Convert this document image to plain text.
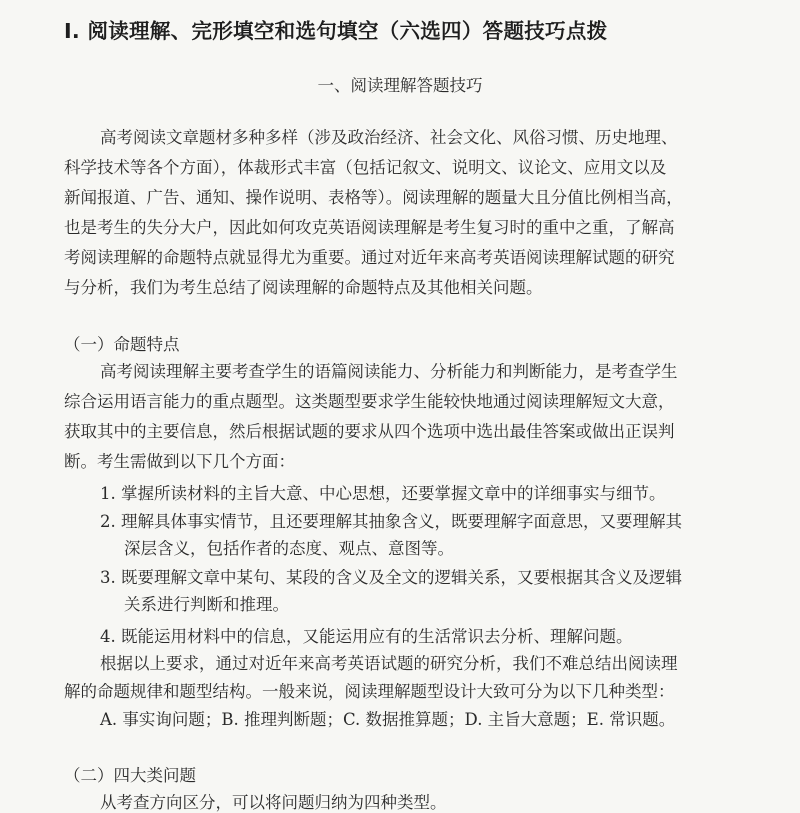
I. 阅读理解、完形填空和选句填空（六选四）答题技巧点拨
一、阅读理解答题技巧
高考阅读文章题材多种多样（涉及政治经济、社会文化、风俗习惯、历史地理、
科学技术等各个方面），体裁形式丰富（包括记叙文、说明文、议论文、应用文以及
新闻报道、广告、通知、操作说明、表格等）。阅读理解的题量大且分值比例相当高，
也是考生的失分大户，因此如何攻克英语阅读理解是考生复习时的重中之重，了解高
考阅读理解的命题特点就显得尤为重要。通过对近年来高考英语阅读理解试题的研究
与分析，我们为考生总结了阅读理解的命题特点及其他相关问题。
（一）命题特点
高考阅读理解主要考查学生的语篇阅读能力、分析能力和判断能力，是考查学生
综合运用语言能力的重点题型。这类题型要求学生能较快地通过阅读理解短文大意，
获取其中的主要信息，然后根据试题的要求从四个选项中选出最佳答案或做出正误判
断。考生需做到以下几个方面：
1. 掌握所读材料的主旨大意、中心思想，还要掌握文章中的详细事实与细节。
2. 理解具体事实情节，且还要理解其抽象含义，既要理解字面意思，又要理解其
深层含义，包括作者的态度、观点、意图等。
3. 既要理解文章中某句、某段的含义及全文的逻辑关系，又要根据其含义及逻辑
关系进行判断和推理。
4. 既能运用材料中的信息，又能运用应有的生活常识去分析、理解问题。
根据以上要求，通过对近年来高考英语试题的研究分析，我们不难总结出阅读理
解的命题规律和题型结构。一般来说，阅读理解题型设计大致可分为以下几种类型：
A. 事实询问题；B. 推理判断题；C. 数据推算题；D. 主旨大意题；E. 常识题。
（二）四大类问题
从考查方向区分，可以将问题归纳为四种类型。
